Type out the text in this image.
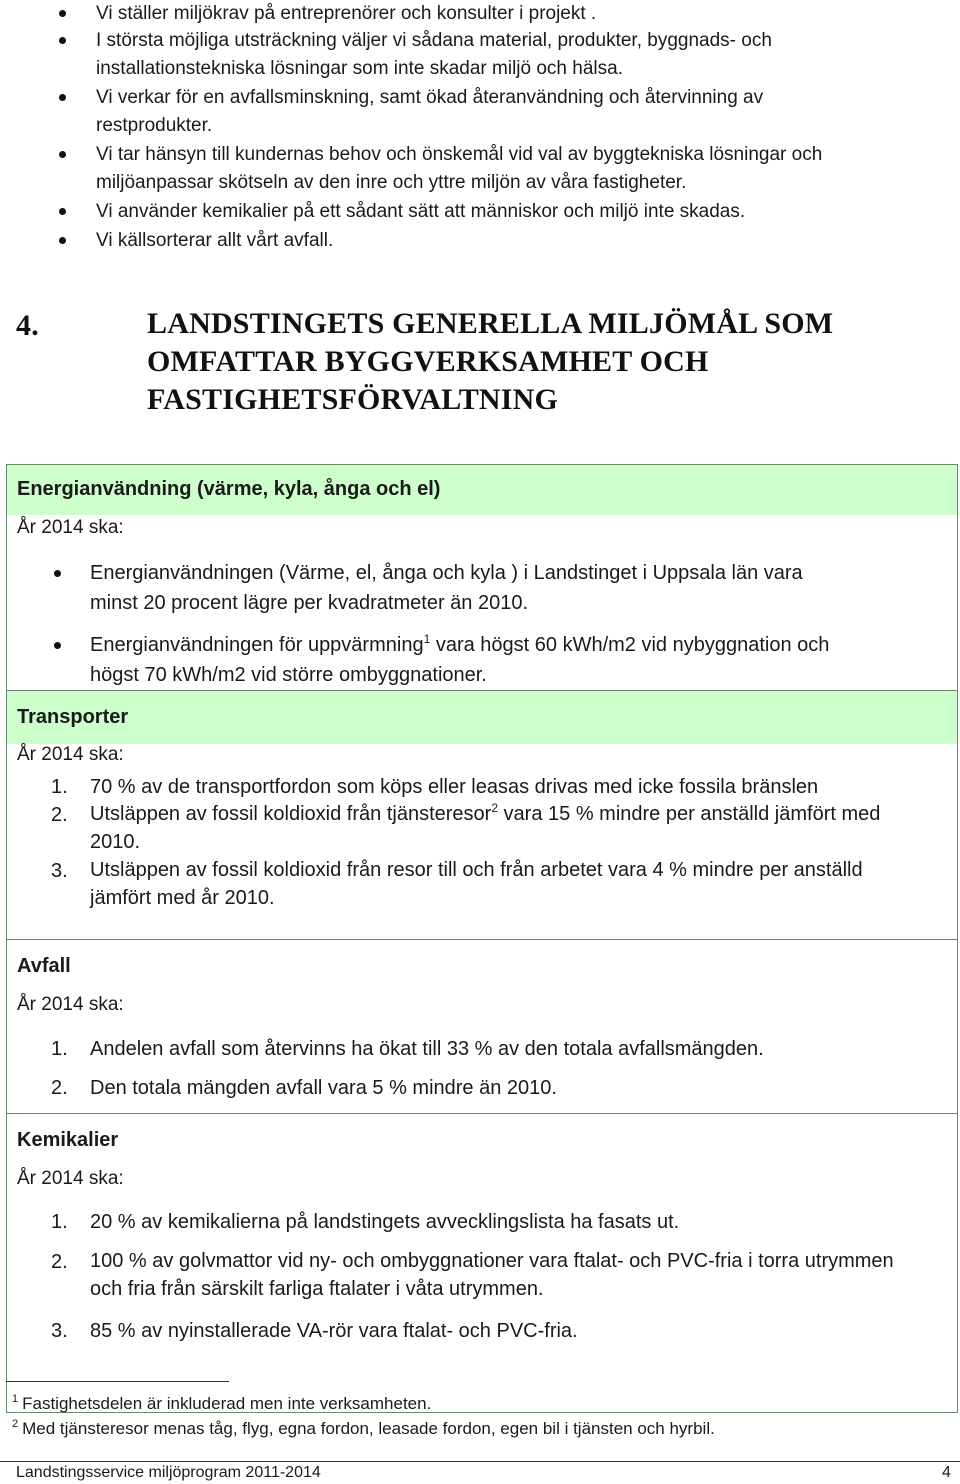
Vi ställer miljökrav på entreprenörer och konsulter i projekt .
I största möjliga utsträckning väljer vi sådana material, produkter, byggnads- och
installationstekniska lösningar som inte skadar miljö och hälsa.
Vi verkar för en avfallsminskning, samt ökad återanvändning och återvinning av
restprodukter.
Vi tar hänsyn till kundernas behov och önskemål vid val av byggtekniska lösningar och
miljöanpassar skötseln av den inre och yttre miljön av våra fastigheter.
Vi använder kemikalier på ett sådant sätt att människor och miljö inte skadas.
Vi källsorterar allt vårt avfall.
4.	LANDSTINGETS GENERELLA MILJÖMÅL SOM
OMFATTAR BYGGVERKSAMHET OCH
FASTIGHETSFÖRVALTNING
Energianvändning (värme, kyla, ånga och el)
År 2014 ska:
Energianvändningen (Värme, el, ånga och kyla ) i Landstinget i Uppsala län vara
minst 20 procent lägre per kvadratmeter än 2010.
Energianvändningen för uppvärmning$^1$ vara högst 60 kWh/m2 vid nybyggnation och
högst 70 kWh/m2 vid större ombyggnationer.
Transporter
År 2014 ska:
1. 70 % av de transportfordon som köps eller leasas drivas med icke fossila bränslen
2. Utsläppen av fossil koldioxid från tjänsteresor$^2$ vara 15 % mindre per anställd jämfört med
2010.
3. Utsläppen av fossil koldioxid från resor till och från arbetet vara 4 % mindre per anställd
jämfört med år 2010.
Avfall
År 2014 ska:
1. Andelen avfall som återvinns ha ökat till 33 % av den totala avfallsmängden.
2. Den totala mängden avfall vara 5 % mindre än 2010.
Kemikalier
År 2014 ska:
1. 20 % av kemikalierna på landstingets avvecklingslista ha fasats ut.
2. 100 % av golvmattor vid ny- och ombyggnationer vara ftalat- och PVC-fria i torra utrymmen
och fria från särskilt farliga ftalater i våta utrymmen.
3. 85 % av nyinstallerade VA-rör vara ftalat- och PVC-fria.
$^1$ Fastighetsdelen är inkluderad men inte verksamheten.
$^2$ Med tjänsteresor menas tåg, flyg, egna fordon, leasade fordon, egen bil i tjänsten och hyrbil.
Landstingsservice miljöprogram 2011-2014	4
